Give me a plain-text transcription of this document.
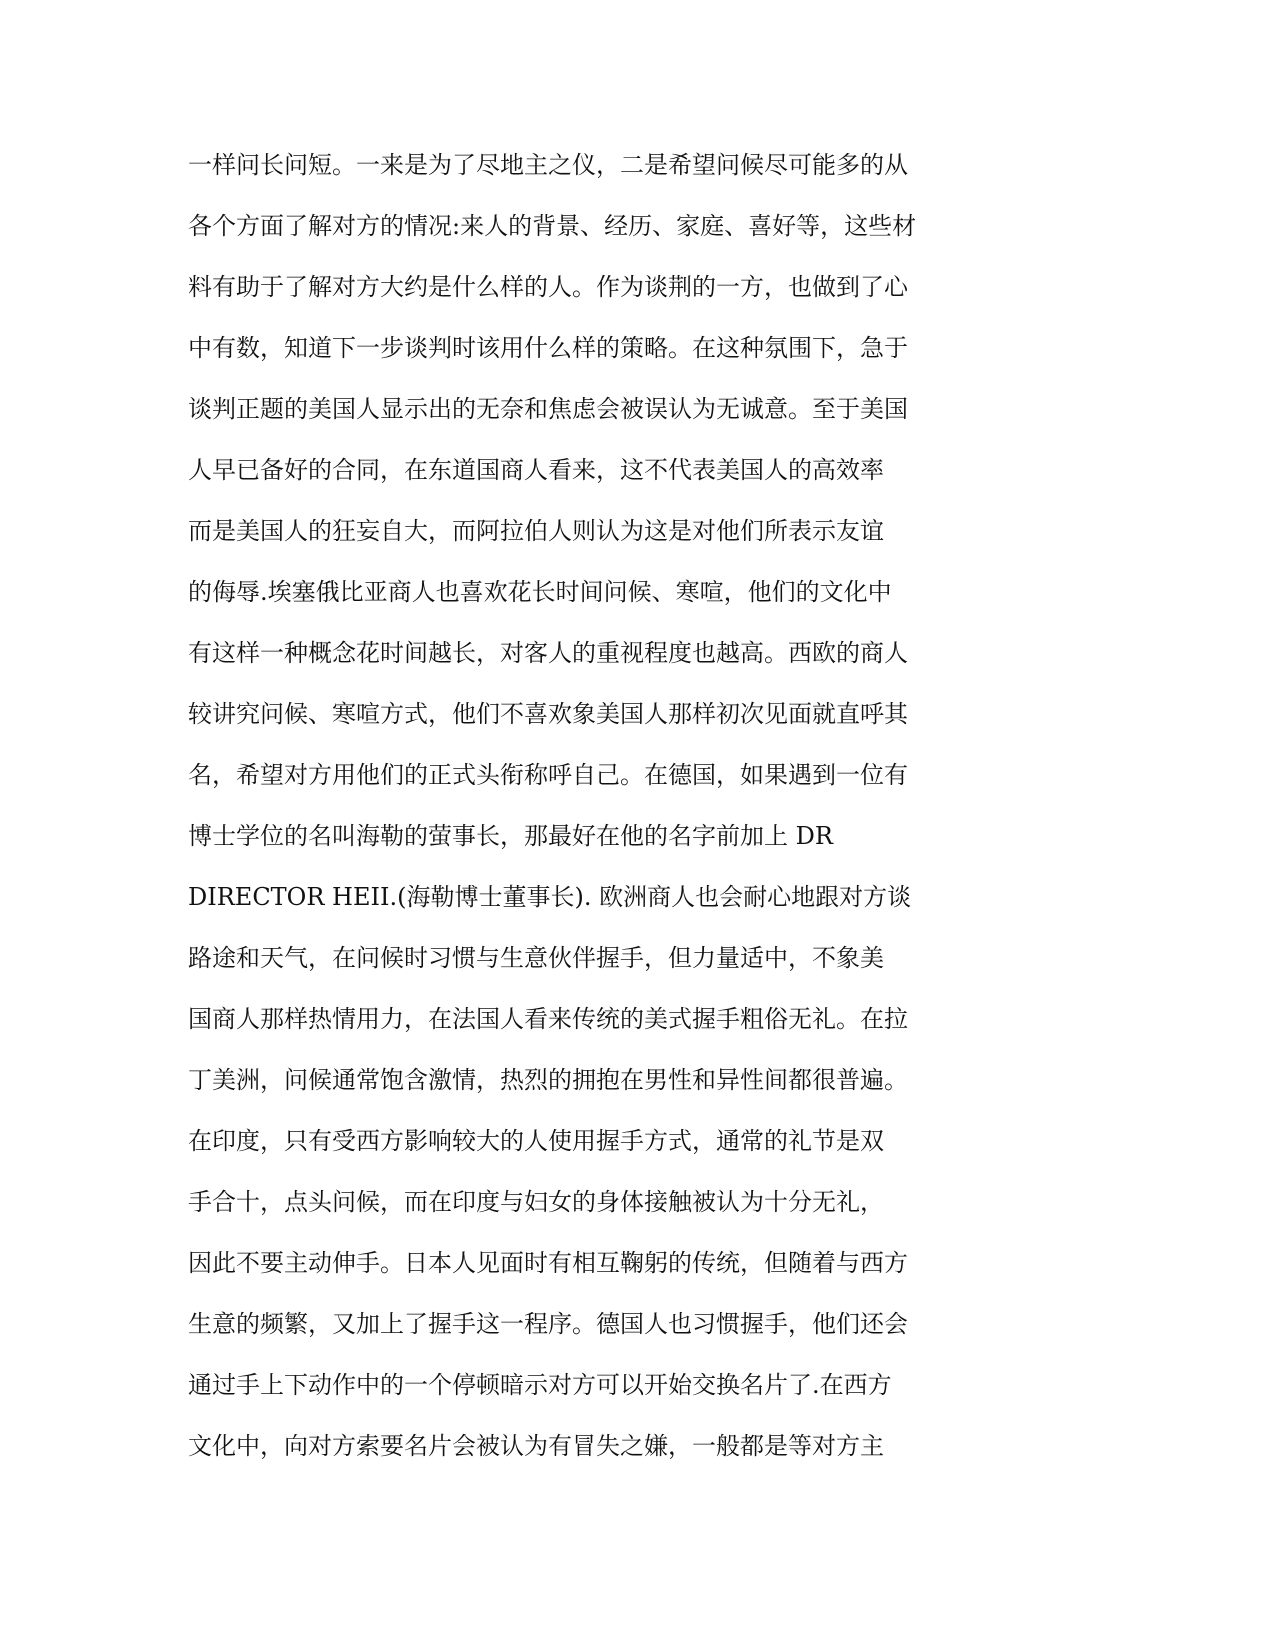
一样问长问短。一来是为了尽地主之仪，二是希望问候尽可能多的从
各个方面了解对方的情况:来人的背景、经历、家庭、喜好等，这些材
料有助于了解对方大约是什么样的人。作为谈荆的一方，也做到了心
中有数，知道下一步谈判时该用什么样的策略。在这种氛围下，急于
谈判正题的美国人显示出的无奈和焦虑会被误认为无诚意。至于美国
人早已备好的合同，在东道国商人看来，这不代表美国人的高效率
而是美国人的狂妄自大，而阿拉伯人则认为这是对他们所表示友谊
的侮辱.埃塞俄比亚商人也喜欢花长时间问候、寒喧，他们的文化中
有这样一种概念花时间越长，对客人的重视程度也越高。西欧的商人
较讲究问候、寒喧方式，他们不喜欢象美国人那样初次见面就直呼其
名，希望对方用他们的正式头衔称呼自己。在德国，如果遇到一位有
博士学位的名叫海勒的萤事长，那最好在他的名字前加上 DR
DIRECTOR HEII.(海勒博士董事长). 欧洲商人也会耐心地跟对方谈
路途和天气，在问候时习惯与生意伙伴握手，但力量适中，不象美
国商人那样热情用力，在法国人看来传统的美式握手粗俗无礼。在拉
丁美洲，问候通常饱含激情，热烈的拥抱在男性和异性间都很普遍。
在印度，只有受西方影响较大的人使用握手方式，通常的礼节是双
手合十，点头问候，而在印度与妇女的身体接触被认为十分无礼，
因此不要主动伸手。日本人见面时有相互鞠躬的传统，但随着与西方
生意的频繁，又加上了握手这一程序。德国人也习惯握手，他们还会
通过手上下动作中的一个停顿暗示对方可以开始交换名片了.在西方
文化中，向对方索要名片会被认为有冒失之嫌，一般都是等对方主
